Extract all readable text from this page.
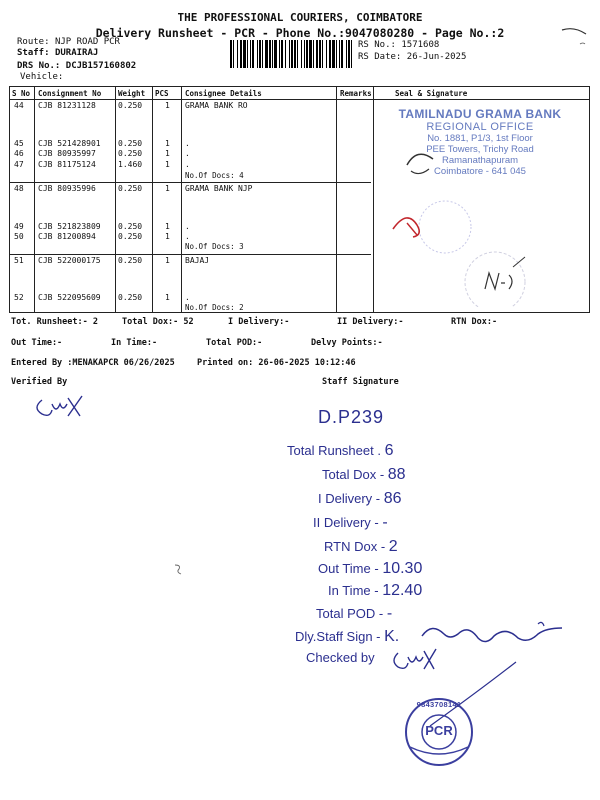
THE PROFESSIONAL COURIERS, COIMBATORE
Delivery Runsheet - PCR - Phone No.:9047080280 - Page No.:2
Route: NJP ROAD PCR
Staff: DURAIRAJ
DRS No.: DCJB157160802
Vehicle:
RS No.: 1571608
RS Date: 26-Jun-2025
S No Consignment No Weight PCS Consignee Details	Remarks	Seal & Signature
44 CJB 81231128	0.250	1 GRAMA BANK RO
45 CJB 521428901 0.250	1 .
46 CJB 80935997	0.250	1 .
47 CJB 81175124	1.460	1 .
No.Of Docs: 4
48 CJB 80935996	0.250	1 GRAMA BANK NJP
49 CJB 521823809 0.250	1 .
50 CJB 81200894	0.250	1 .
No.Of Docs: 3
51 CJB 522000175 0.250	1 BAJAJ
52 CJB 522095609 0.250	1 .
No.Of Docs: 2
TAMILNADU GRAMA BANK
REGIONAL OFFICE
No. 1881, P1/3, 1st Floor
PEE Towers, Trichy Road
Ramanathapuram
Coimbatore - 641 045
Tot. Runsheet:- 2	Total Dox:- 52	I Delivery:-	II Delivery:-	RTN Dox:-
Out Time:-	In Time:-	Total POD:-	Delvy Points:-
Entered By :MENAKAPCR 06/26/2025	Printed on: 26-06-2025 10:12:46
Verified By	Staff Signature
D.P239
Total Runsheet . 6
Total Dox - 88
I Delivery - 86
II Delivery - -
RTN Dox - 2
Out Time - 10.30
In Time - 12.40
Total POD - -
Dly.Staff Sign - K.
Checked by
PCR
9843708141
